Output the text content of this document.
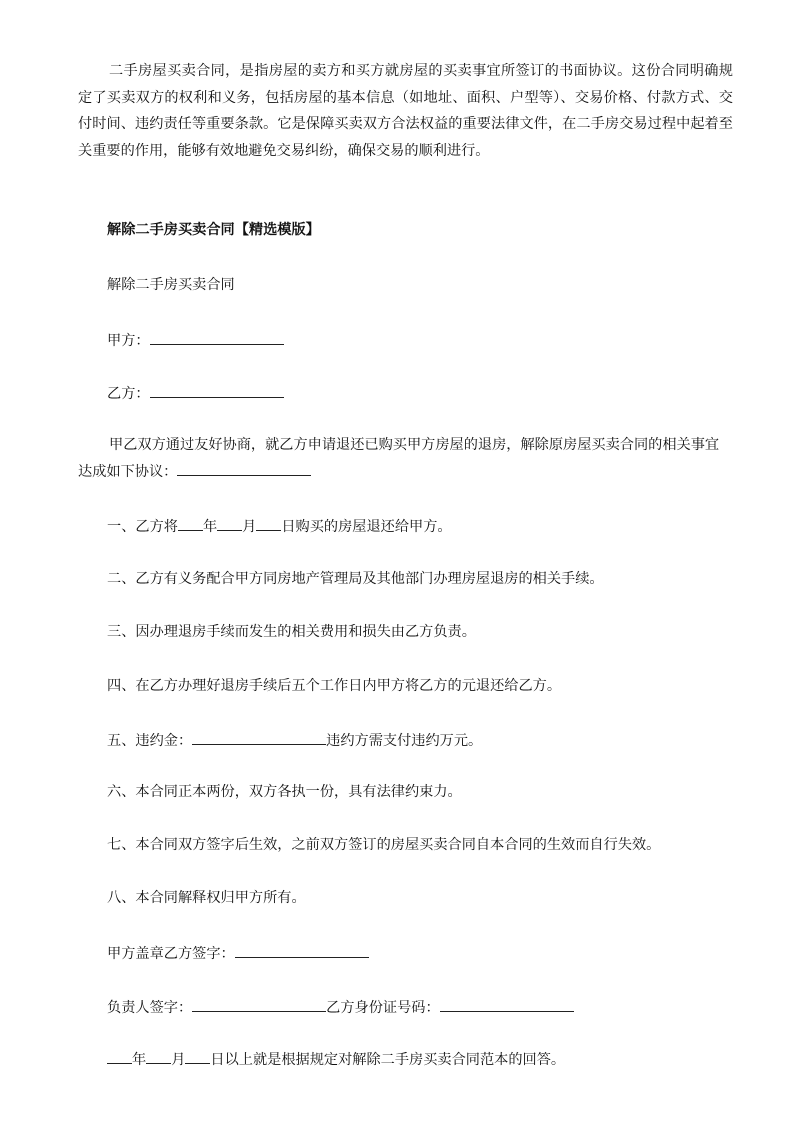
二手房屋买卖合同，是指房屋的卖方和买方就房屋的买卖事宜所签订的书面协议。这份合同明确规定了买卖双方的权利和义务，包括房屋的基本信息（如地址、面积、户型等）、交易价格、付款方式、交付时间、违约责任等重要条款。它是保障买卖双方合法权益的重要法律文件，在二手房交易过程中起着至关重要的作用，能够有效地避免交易纠纷，确保交易的顺利进行。

解除二手房买卖合同【精选模版】

解除二手房买卖合同

甲方：

乙方：

甲乙双方通过友好协商，就乙方申请退还已购买甲方房屋的退房，解除原房屋买卖合同的相关事宜达成如下协议：

一、乙方将 年 月 日购买的房屋退还给甲方。

二、乙方有义务配合甲方同房地产管理局及其他部门办理房屋退房的相关手续。

三、因办理退房手续而发生的相关费用和损失由乙方负责。

四、在乙方办理好退房手续后五个工作日内甲方将乙方的元退还给乙方。

五、违约金：	违约方需支付违约万元。

六、本合同正本两份，双方各执一份，具有法律约束力。

七、本合同双方签字后生效，之前双方签订的房屋买卖合同自本合同的生效而自行失效。

八、本合同解释权归甲方所有。

甲方盖章乙方签字：

负责人签字：	乙方身份证号码：

年 月 日以上就是根据规定对解除二手房买卖合同范本的回答。
